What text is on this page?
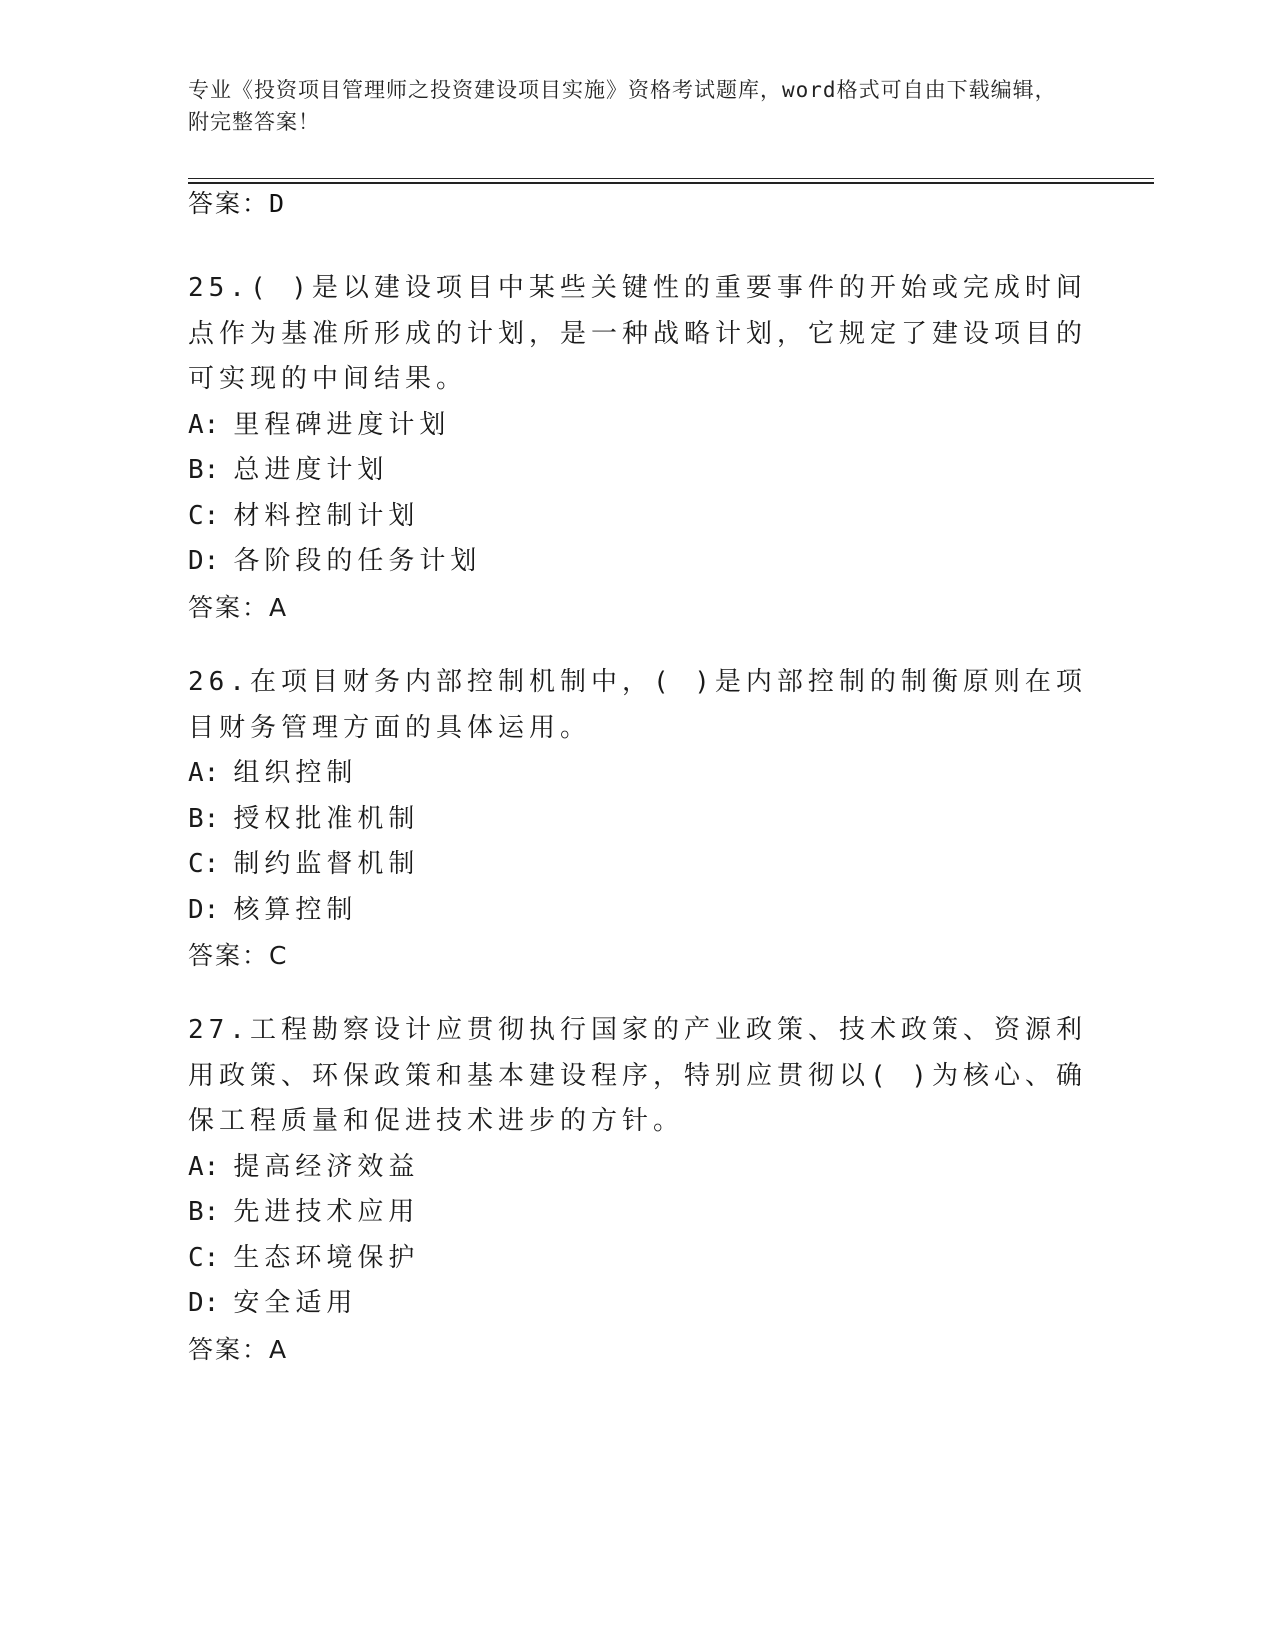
专业《投资项目管理师之投资建设项目实施》资格考试题库，word格式可自由下载编辑，附完整答案！
答案：D

25.( )是以建设项目中某些关键性的重要事件的开始或完成时间点作为基准所形成的计划，是一种战略计划，它规定了建设项目的可实现的中间结果。

A: 里程碑进度计划

B: 总进度计划

C: 材料控制计划

D: 各阶段的任务计划

答案：A

26.在项目财务内部控制机制中，( )是内部控制的制衡原则在项目财务管理方面的具体运用。

A: 组织控制

B: 授权批准机制

C: 制约监督机制

D: 核算控制

答案：C

27.工程勘察设计应贯彻执行国家的产业政策、技术政策、资源利用政策、环保政策和基本建设程序，特别应贯彻以( )为核心、确保工程质量和促进技术进步的方针。

A: 提高经济效益

B: 先进技术应用

C: 生态环境保护

D: 安全适用

答案：A
